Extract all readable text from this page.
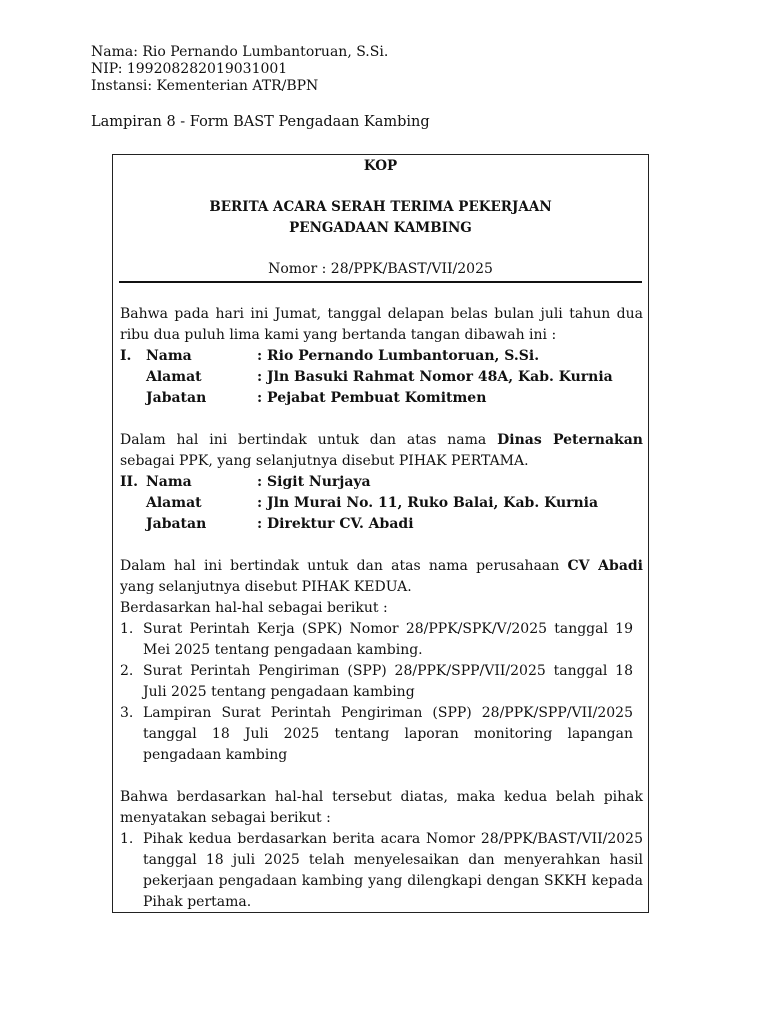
Nama: Rio Pernando Lumbantoruan, S.Si.
NIP: 199208282019031001
Instansi: Kementerian ATR/BPN
Lampiran 8 - Form BAST Pengadaan Kambing
KOP
BERITA ACARA SERAH TERIMA PEKERJAAN
PENGADAAN KAMBING
Nomor : 28/PPK/BAST/VII/2025

Bahwa pada hari ini Jumat, tanggal delapan belas bulan juli tahun dua ribu dua puluh lima kami yang bertanda tangan dibawah ini :

I.	Nama	: Rio Pernando Lumbantoruan, S.Si.
Alamat	: Jln Basuki Rahmat Nomor 48A, Kab. Kurnia
Jabatan	: Pejabat Pembuat Komitmen

Dalam hal ini bertindak untuk dan atas nama Dinas Peternakan sebagai PPK, yang selanjutnya disebut PIHAK PERTAMA.

II. Nama	: Sigit Nurjaya
Alamat	: Jln Murai No. 11, Ruko Balai, Kab. Kurnia
Jabatan	: Direktur CV. Abadi

Dalam hal ini bertindak untuk dan atas nama perusahaan CV Abadi yang selanjutnya disebut PIHAK KEDUA.

Berdasarkan hal-hal sebagai berikut :

1. Surat Perintah Kerja (SPK) Nomor 28/PPK/SPK/V/2025 tanggal 19 Mei 2025 tentang pengadaan kambing.
2. Surat Perintah Pengiriman (SPP) 28/PPK/SPP/VII/2025 tanggal 18 Juli 2025 tentang pengadaan kambing
3. Lampiran Surat Perintah Pengiriman (SPP) 28/PPK/SPP/VII/2025 tanggal 18 Juli 2025 tentang laporan monitoring lapangan pengadaan kambing

Bahwa berdasarkan hal-hal tersebut diatas, maka kedua belah pihak menyatakan sebagai berikut :

1. Pihak kedua berdasarkan berita acara Nomor 28/PPK/BAST/VII/2025 tanggal 18 juli 2025 telah menyelesaikan dan menyerahkan hasil pekerjaan pengadaan kambing yang dilengkapi dengan SKKH kepada Pihak pertama.
